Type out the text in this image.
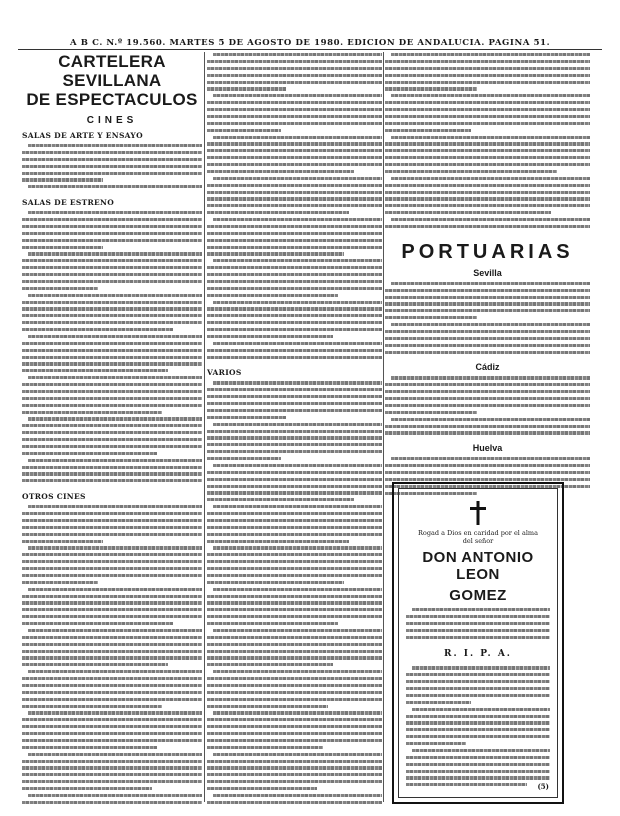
A B C. N.º 19.560. MARTES 5 DE AGOSTO DE 1980. EDICION DE ANDALUCIA. PAGINA 51.
CARTELERA SEVILLANA
DE ESPECTACULOS
CINES
SALAS DE ARTE Y ENSAYO
SALAS DE ESTRENO
OTROS CINES
VARIOS
PORTUARIAS
Sevilla
Cádiz
Huelva
Rogad a Dios en caridad por el alma
del señor
DON ANTONIO LEON
GOMEZ
R. I. P. A.
(5)
